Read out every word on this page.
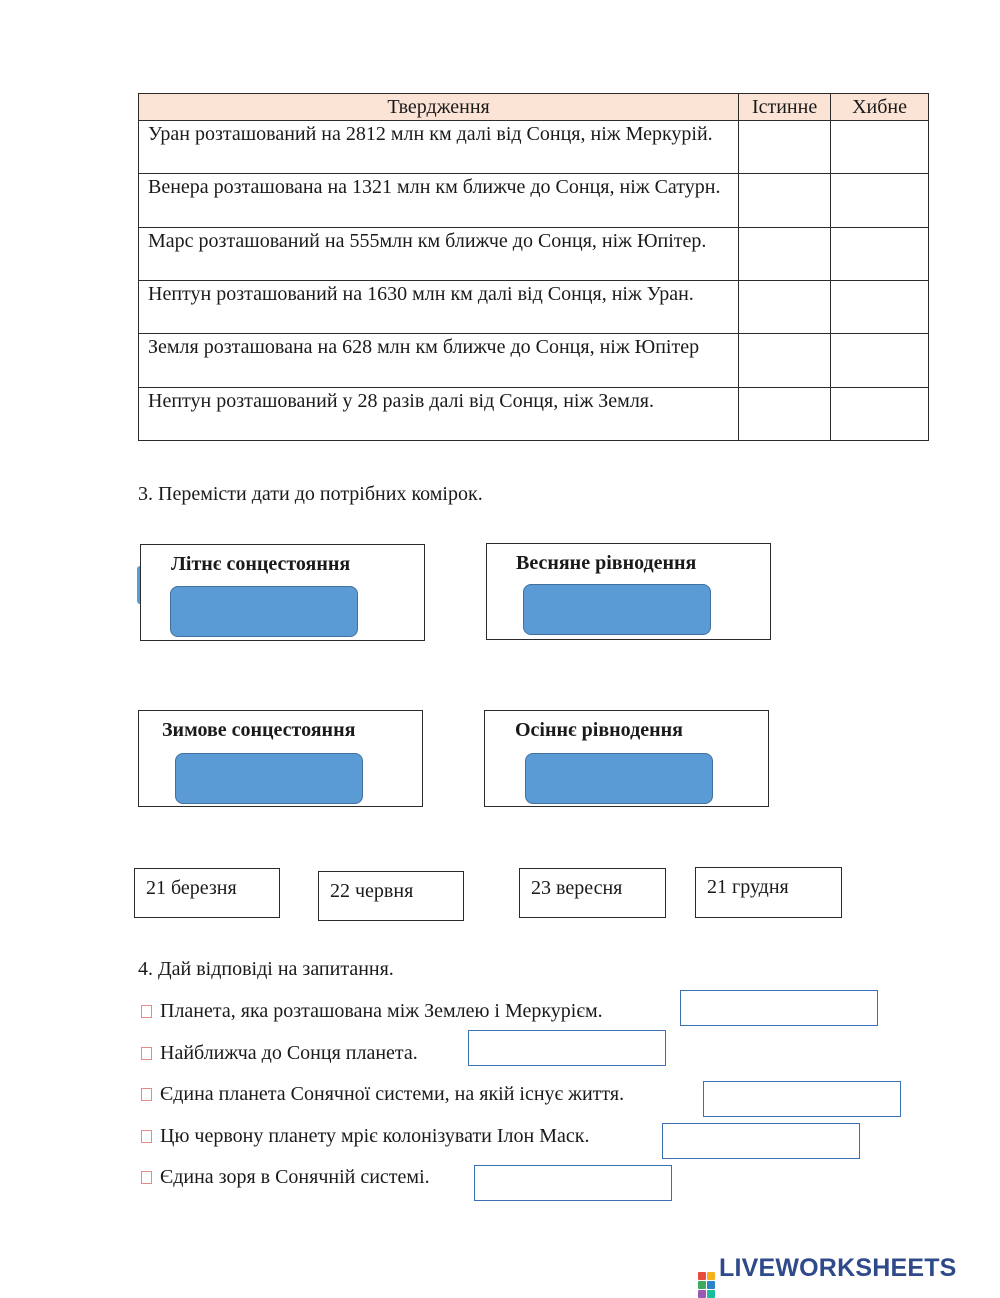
Твердження	Істинне	Хибне
Уран розташований на 2812 млн км далі від Сонця, ніж Меркурій.		
Венера розташована на 1321 млн км ближче до Сонця, ніж Сатурн.		
Марс розташований на 555млн км ближче до Сонця, ніж Юпітер.		
Нептун розташований на 1630 млн км далі від Сонця, ніж Уран.		
Земля розташована на 628 млн км ближче до Сонця, ніж Юпітер		
Нептун розташований у 28 разів далі від Сонця, ніж Земля.		
3. Перемісти дати до потрібних комірок.
Літнє сонцестояння	Весняне рівнодення
Зимове сонцестояння	Осіннє рівнодення
21 березня	22 червня	23 вересня	21 грудня
4. Дай відповіді на запитання.
Планета, яка розташована між Землею і Меркурієм.
Найближча до Сонця планета.
Єдина планета Сонячної системи, на якій існує життя.
Цю червону планету мріє колонізувати Ілон Маск.
Єдина зоря в Сонячній системі.
LIVEWORKSHEETS
